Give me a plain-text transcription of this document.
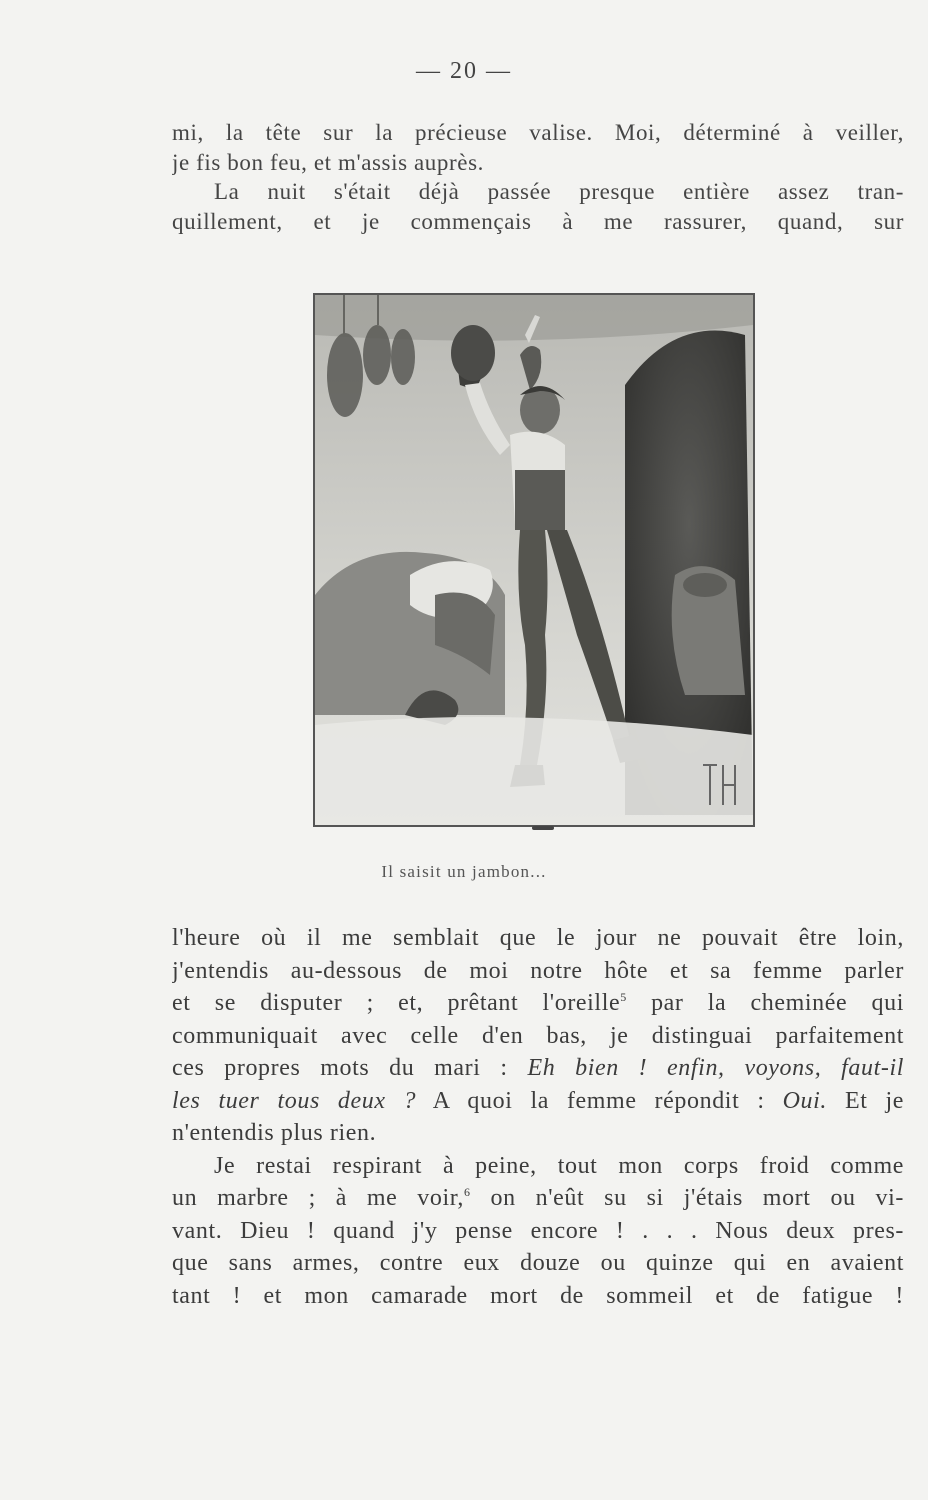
— 20 —
mi, la tête sur la précieuse valise. Moi, déterminé à veiller,
je fis bon feu, et m'assis auprès.
La nuit s'était déjà passée presque entière assez tran-
quillement, et je commençais à me rassurer, quand, sur
Il saisit un jambon...
l'heure où il me semblait que le jour ne pouvait être loin,
j'entendis au-dessous de moi notre hôte et sa femme parler
et se disputer ; et, prêtant l'oreille$^5$ par la cheminée qui
communiquait avec celle d'en bas, je distinguai parfaitement
ces propres mots du mari : Eh bien ! enfin, voyons, faut-il
les tuer tous deux ? A quoi la femme répondit : Oui. Et je
n'entendis plus rien.
Je restai respirant à peine, tout mon corps froid comme
un marbre ; à me voir,$^6$ on n'eût su si j'étais mort ou vi-
vant. Dieu ! quand j'y pense encore ! . . . Nous deux pres-
que sans armes, contre eux douze ou quinze qui en avaient
tant ! et mon camarade mort de sommeil et de fatigue !
